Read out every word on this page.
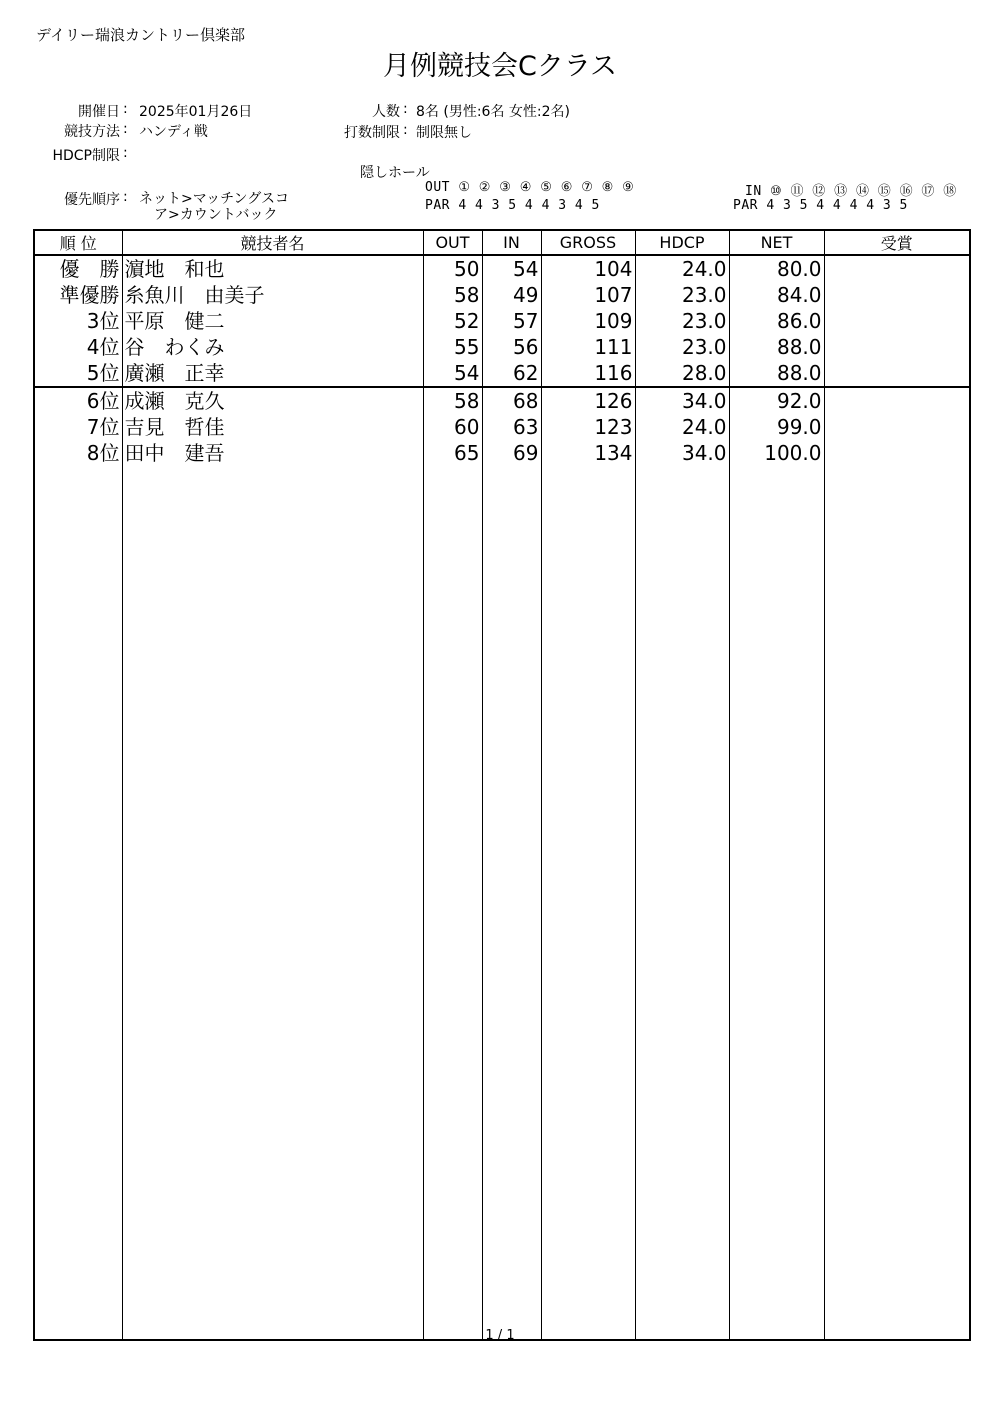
デイリー瑞浪カントリー倶楽部
月例競技会Cクラス
開催日 : 2025年01月26日
競技方法 : ハンディ戦
HDCP制限 :
人数 : 8名 (男性:6名 女性:2名)
打数制限 : 制限無し
優先順序 : ネット>マッチングスコ
ア>カウントバック
隠しホール
OUT ① ② ③ ④ ⑤ ⑥ ⑦ ⑧ ⑨
PAR 4 4 3 5 4 4 3 4 5
IN ⑩ ⑪ ⑫ ⑬ ⑭ ⑮ ⑯ ⑰ ⑱
PAR 4 3 5 4 4 4 4 3 5
順 位	競技者名	OUT	IN	GROSS	HDCP	NET	受賞
優　勝	濵地　和也	50	54	104	24.0	80.0	
準優勝	糸魚川　由美子	58	49	107	23.0	84.0	
3位	平原　健二	52	57	109	23.0	86.0	
4位	谷　わくみ	55	56	111	23.0	88.0	
5位	廣瀬　正幸	54	62	116	28.0	88.0	
6位	成瀬　克久	58	68	126	34.0	92.0	
7位	吉見　哲佳	60	63	123	24.0	99.0	
8位	田中　建吾	65	69	134	34.0	100.0	

1 / 1
